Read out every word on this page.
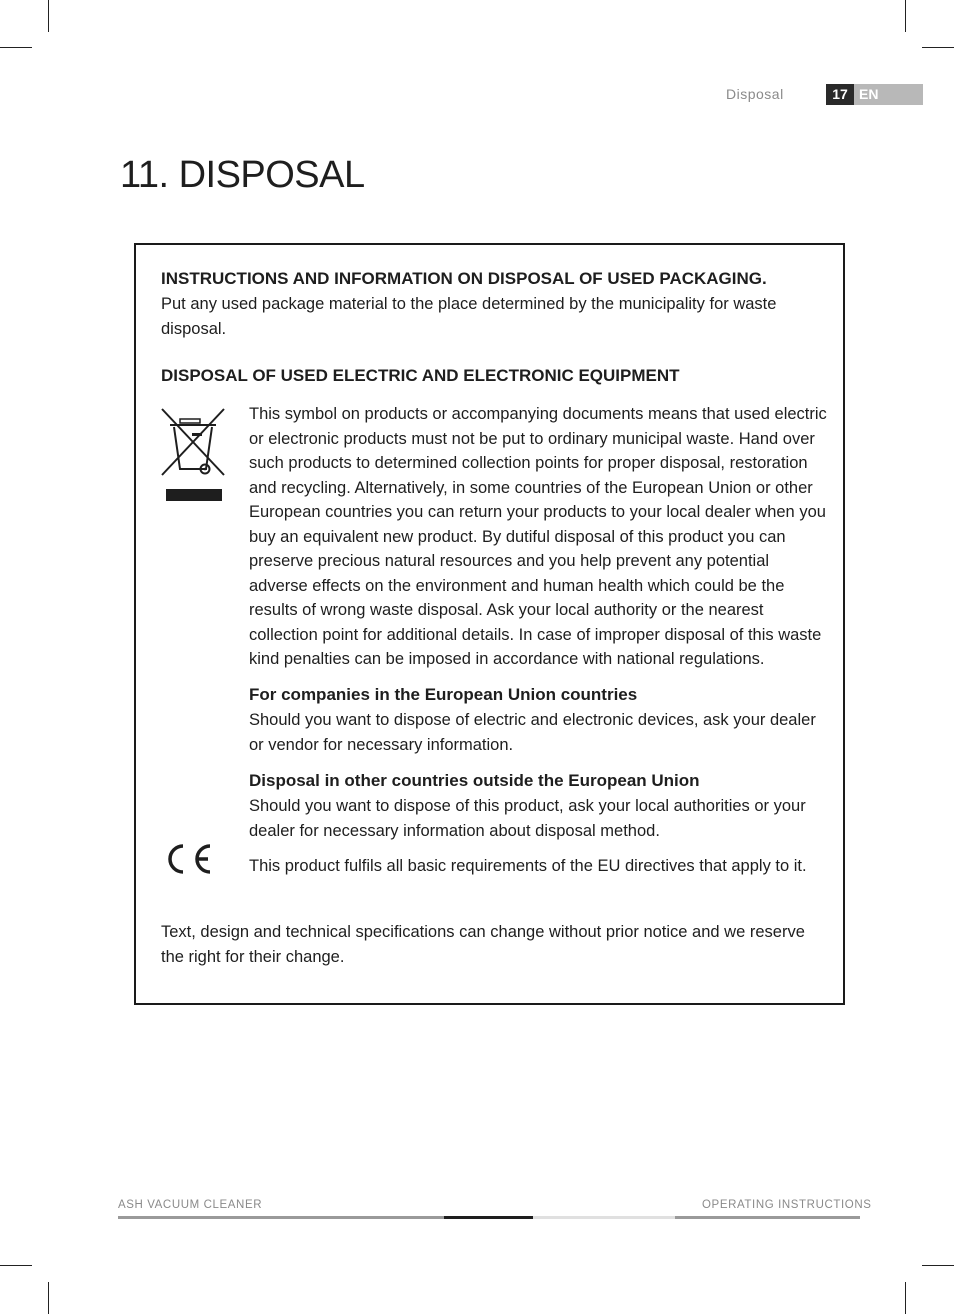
Disposal	17 EN
11. DISPOSAL

INSTRUCTIONS AND INFORMATION ON DISPOSAL OF USED PACKAGING.

Put any used package material to the place determined by the municipality for waste disposal.

DISPOSAL OF USED ELECTRIC AND ELECTRONIC EQUIPMENT

This symbol on products or accompanying documents means that used electric or electronic products must not be put to ordinary municipal waste. Hand over such products to determined collection points for proper disposal, restoration and recycling. Alternatively, in some countries of the European Union or other European countries you can return your products to your local dealer when you buy an equivalent new product. By dutiful disposal of this product you can preserve precious natural resources and you help prevent any potential adverse effects on the environment and human health which could be the results of wrong waste disposal. Ask your local authority or the nearest collection point for additional details. In case of improper disposal of this waste kind penalties can be imposed in accordance with national regulations.

For companies in the European Union countries

Should you want to dispose of electric and electronic devices, ask your dealer or vendor for necessary information.

Disposal in other countries outside the European Union

Should you want to dispose of this product, ask your local authorities or your dealer for necessary information about disposal method.

This product fulfils all basic requirements of the EU directives that apply to it.

Text, design and technical specifications can change without prior notice and we reserve the right for their change.

ASH VACUUM CLEANER	OPERATING INSTRUCTIONS
